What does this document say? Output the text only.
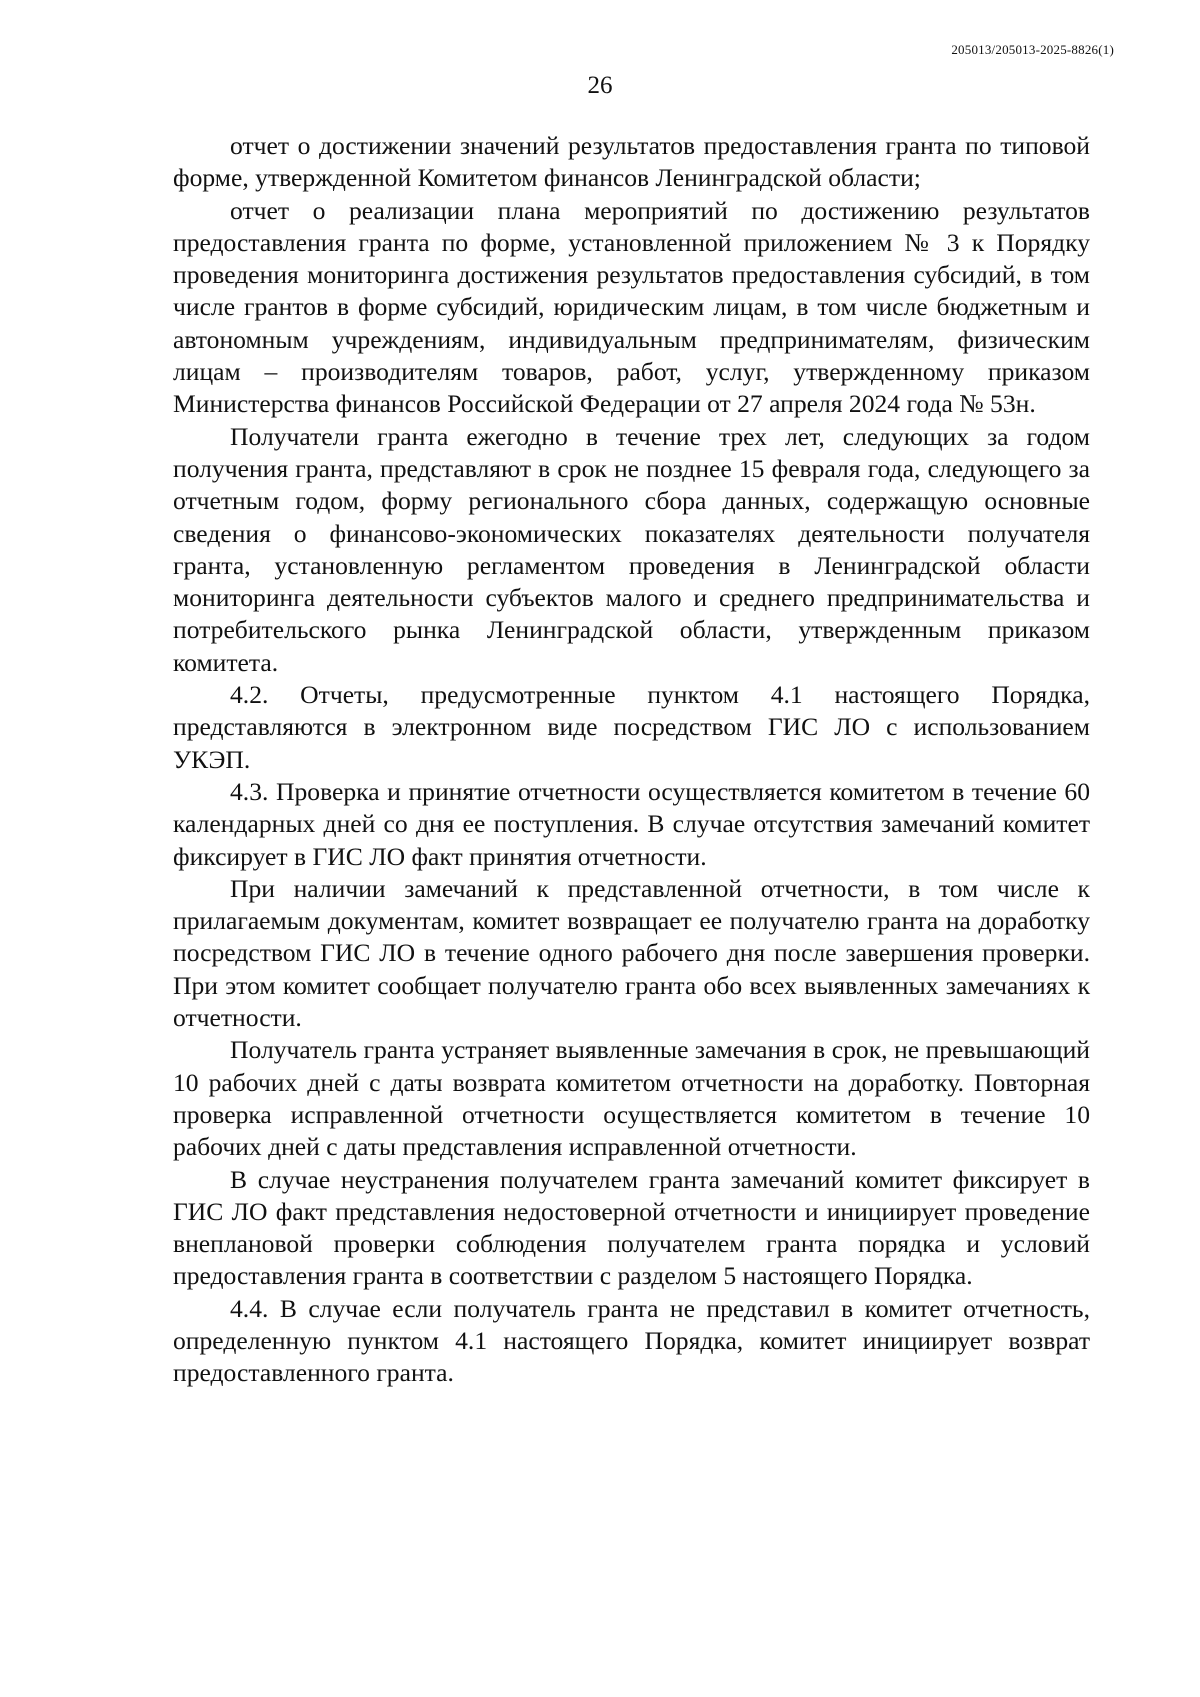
205013/205013-2025-8826(1)
26

отчет о достижении значений результатов предоставления гранта по типовой форме, утвержденной Комитетом финансов Ленинградской области;

отчет о реализации плана мероприятий по достижению результатов предоставления гранта по форме, установленной приложением № 3 к Порядку проведения мониторинга достижения результатов предоставления субсидий, в том числе грантов в форме субсидий, юридическим лицам, в том числе бюджетным и автономным учреждениям, индивидуальным предпринимателям, физическим лицам – производителям товаров, работ, услуг, утвержденному приказом Министерства финансов Российской Федерации от 27 апреля 2024 года № 53н.

Получатели гранта ежегодно в течение трех лет, следующих за годом получения гранта, представляют в срок не позднее 15 февраля года, следующего за отчетным годом, форму регионального сбора данных, содержащую основные сведения о финансово-экономических показателях деятельности получателя гранта, установленную регламентом проведения в Ленинградской области мониторинга деятельности субъектов малого и среднего предпринимательства и потребительского рынка Ленинградской области, утвержденным приказом комитета.

4.2. Отчеты, предусмотренные пунктом 4.1 настоящего Порядка, представляются в электронном виде посредством ГИС ЛО с использованием УКЭП.

4.3. Проверка и принятие отчетности осуществляется комитетом в течение 60 календарных дней со дня ее поступления. В случае отсутствия замечаний комитет фиксирует в ГИС ЛО факт принятия отчетности.

При наличии замечаний к представленной отчетности, в том числе к прилагаемым документам, комитет возвращает ее получателю гранта на доработку посредством ГИС ЛО в течение одного рабочего дня после завершения проверки. При этом комитет сообщает получателю гранта обо всех выявленных замечаниях к отчетности.

Получатель гранта устраняет выявленные замечания в срок, не превышающий 10 рабочих дней с даты возврата комитетом отчетности на доработку. Повторная проверка исправленной отчетности осуществляется комитетом в течение 10 рабочих дней с даты представления исправленной отчетности.

В случае неустранения получателем гранта замечаний комитет фиксирует в ГИС ЛО факт представления недостоверной отчетности и инициирует проведение внеплановой проверки соблюдения получателем гранта порядка и условий предоставления гранта в соответствии с разделом 5 настоящего Порядка.

4.4. В случае если получатель гранта не представил в комитет отчетность, определенную пунктом 4.1 настоящего Порядка, комитет инициирует возврат предоставленного гранта.
